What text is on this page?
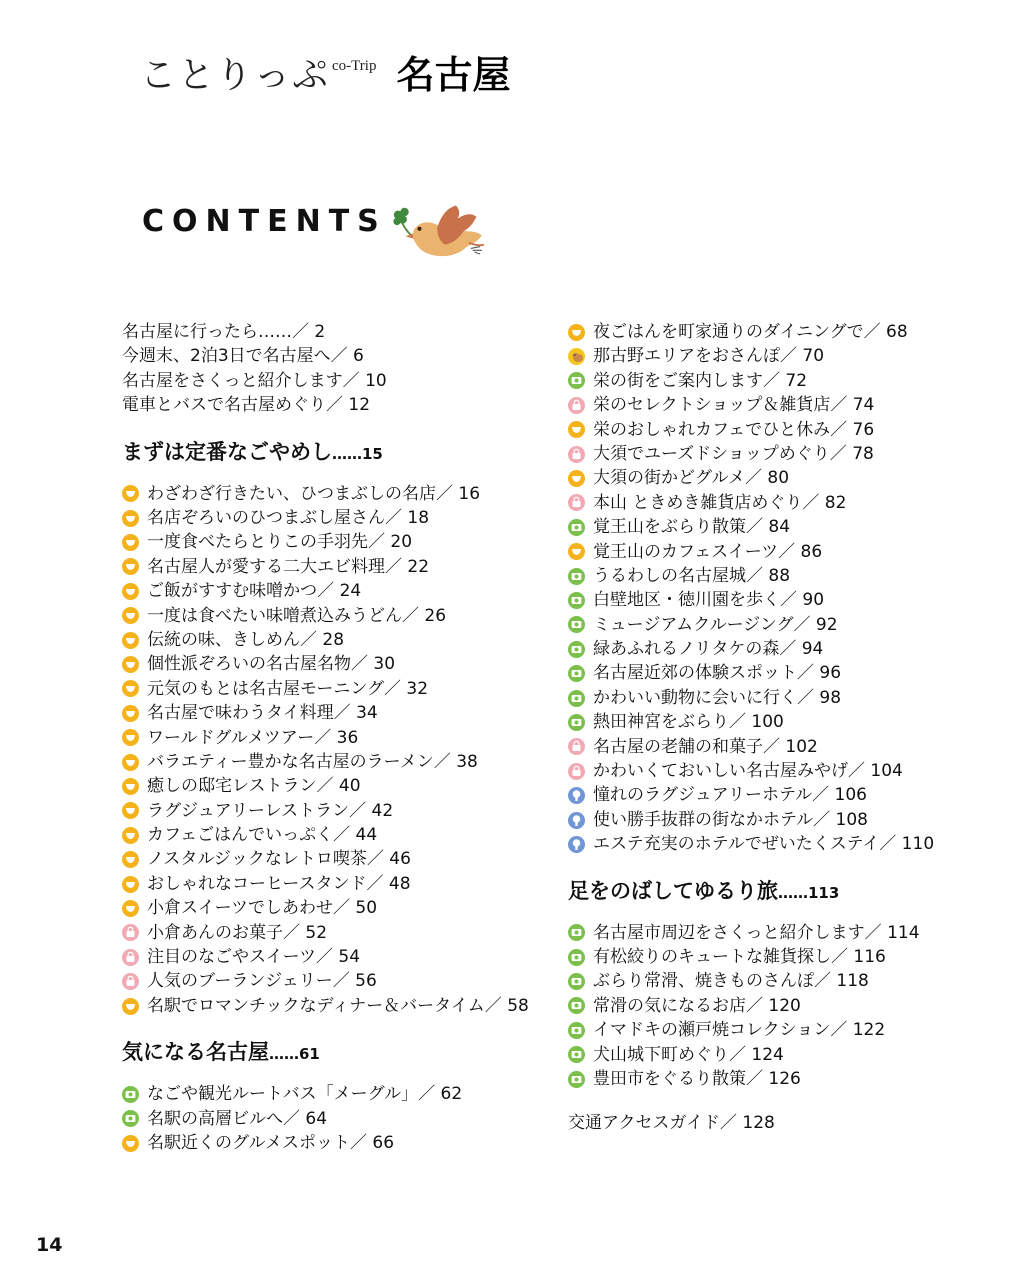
ことりっぷ co-Trip 名古屋
CONTENTS
名古屋に行ったら……／ 2
今週末、2泊3日で名古屋へ／ 6
名古屋をさくっと紹介します／ 10
電車とバスで名古屋めぐり／ 12
まずは定番なごやめし……15
わざわざ行きたい、ひつまぶしの名店／ 16
名店ぞろいのひつまぶし屋さん／ 18
一度食べたらとりこの手羽先／ 20
名古屋人が愛する二大エビ料理／ 22
ご飯がすすむ味噌かつ／ 24
一度は食べたい味噌煮込みうどん／ 26
伝統の味、きしめん／ 28
個性派ぞろいの名古屋名物／ 30
元気のもとは名古屋モーニング／ 32
名古屋で味わうタイ料理／ 34
ワールドグルメツアー／ 36
バラエティー豊かな名古屋のラーメン／ 38
癒しの邸宅レストラン／ 40
ラグジュアリーレストラン／ 42
カフェごはんでいっぷく／ 44
ノスタルジックなレトロ喫茶／ 46
おしゃれなコーヒースタンド／ 48
小倉スイーツでしあわせ／ 50
小倉あんのお菓子／ 52
注目のなごやスイーツ／ 54
人気のブーランジェリー／ 56
名駅でロマンチックなディナー＆バータイム／ 58
気になる名古屋……61
なごや観光ルートバス「メーグル」／ 62
名駅の高層ビルへ／ 64
名駅近くのグルメスポット／ 66
夜ごはんを町家通りのダイニングで／ 68
那古野エリアをおさんぽ／ 70
栄の街をご案内します／ 72
栄のセレクトショップ＆雑貨店／ 74
栄のおしゃれカフェでひと休み／ 76
大須でユーズドショップめぐり／ 78
大須の街かどグルメ／ 80
本山 ときめき雑貨店めぐり／ 82
覚王山をぶらり散策／ 84
覚王山のカフェスイーツ／ 86
うるわしの名古屋城／ 88
白壁地区・徳川園を歩く／ 90
ミュージアムクルージング／ 92
緑あふれるノリタケの森／ 94
名古屋近郊の体験スポット／ 96
かわいい動物に会いに行く／ 98
熱田神宮をぶらり／ 100
名古屋の老舗の和菓子／ 102
かわいくておいしい名古屋みやげ／ 104
憧れのラグジュアリーホテル／ 106
使い勝手抜群の街なかホテル／ 108
エステ充実のホテルでぜいたくステイ／ 110
足をのばしてゆるり旅……113
名古屋市周辺をさくっと紹介します／ 114
有松絞りのキュートな雑貨探し／ 116
ぶらり常滑、焼きものさんぽ／ 118
常滑の気になるお店／ 120
イマドキの瀬戸焼コレクション／ 122
犬山城下町めぐり／ 124
豊田市をぐるり散策／ 126
交通アクセスガイド／ 128
14
